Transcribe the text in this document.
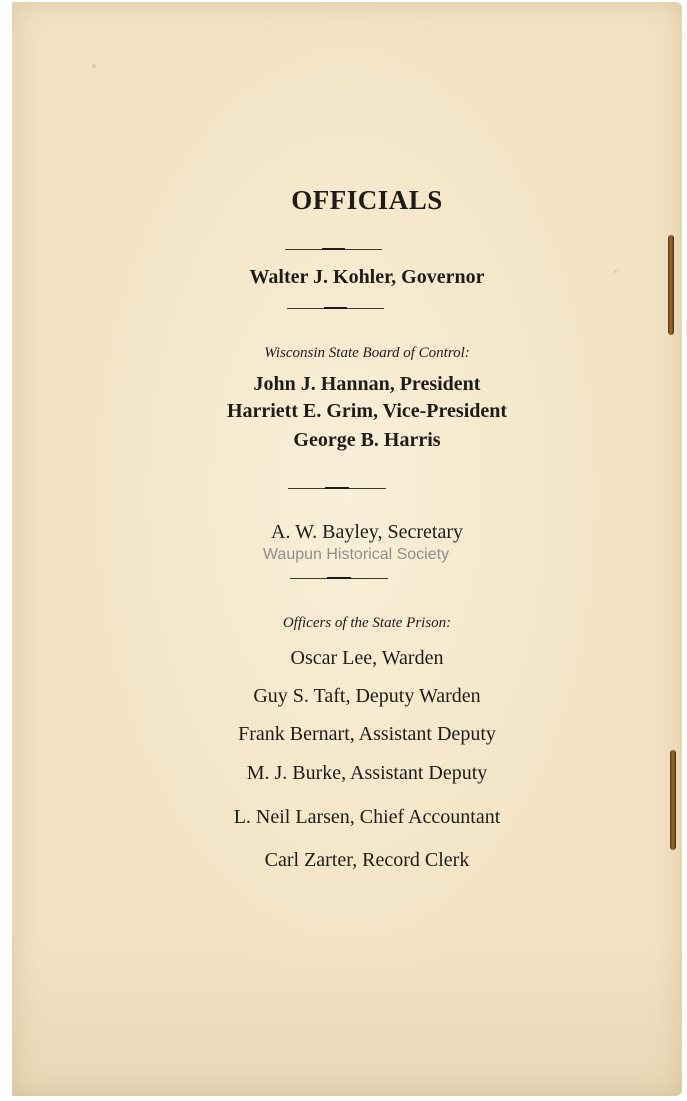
OFFICIALS
Walter J. Kohler, Governor
Wisconsin State Board of Control:
John J. Hannan, President
Harriett E. Grim, Vice-President
George B. Harris
A. W. Bayley, Secretary
Waupun Historical Society
Officers of the State Prison:
Oscar Lee, Warden
Guy S. Taft, Deputy Warden
Frank Bernart, Assistant Deputy
M. J. Burke, Assistant Deputy
L. Neil Larsen, Chief Accountant
Carl Zarter, Record Clerk
